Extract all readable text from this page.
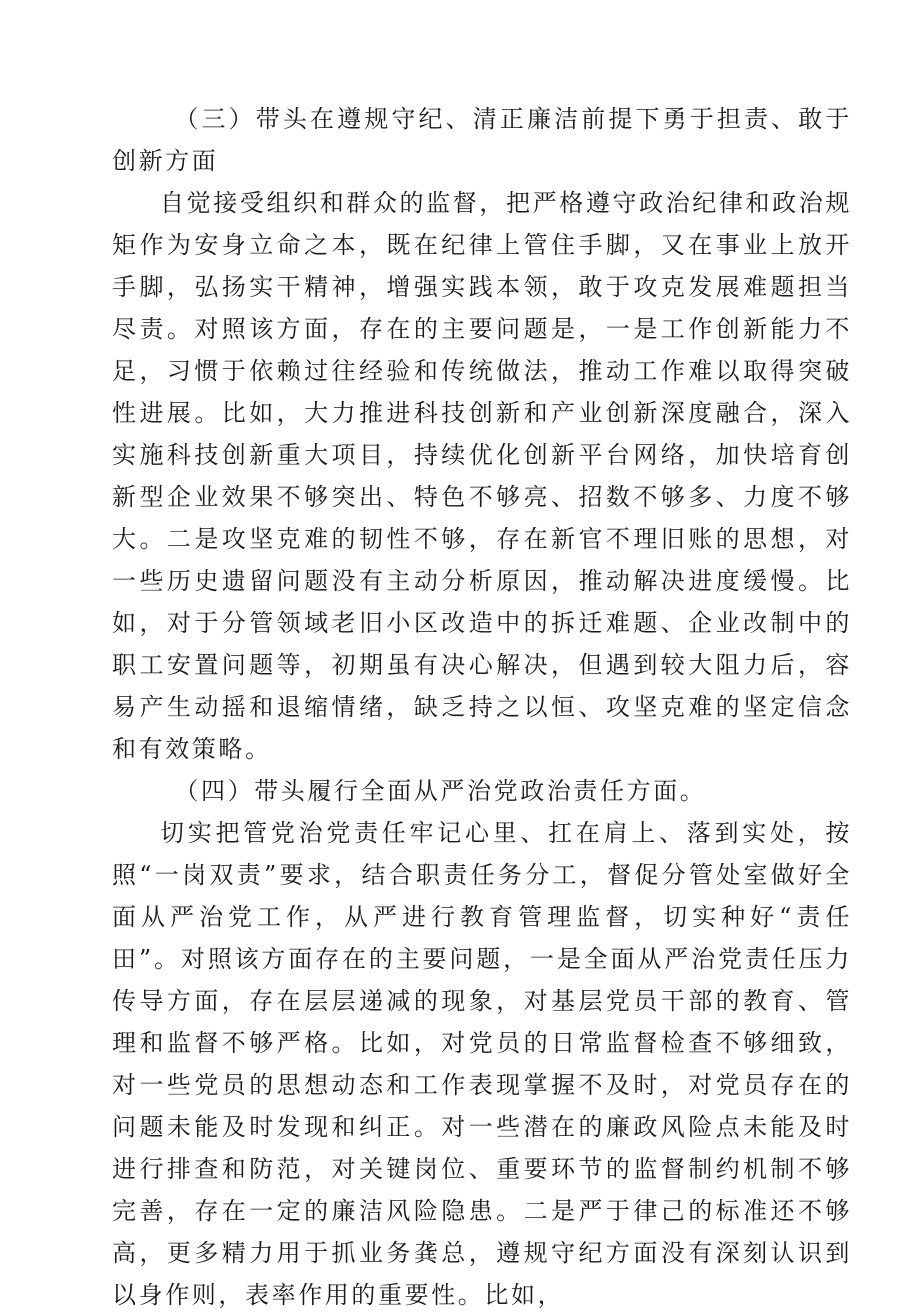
（三）带头在遵规守纪、清正廉洁前提下勇于担责、敢于创新方面

自觉接受组织和群众的监督，把严格遵守政治纪律和政治规矩作为安身立命之本，既在纪律上管住手脚，又在事业上放开手脚，弘扬实干精神，增强实践本领，敢于攻克发展难题担当尽责。对照该方面，存在的主要问题是，一是工作创新能力不足，习惯于依赖过往经验和传统做法，推动工作难以取得突破性进展。比如，大力推进科技创新和产业创新深度融合，深入实施科技创新重大项目，持续优化创新平台网络，加快培育创新型企业效果不够突出、特色不够亮、招数不够多、力度不够大。二是攻坚克难的韧性不够，存在新官不理旧账的思想，对一些历史遗留问题没有主动分析原因，推动解决进度缓慢。比如，对于分管领域老旧小区改造中的拆迁难题、企业改制中的职工安置问题等，初期虽有决心解决，但遇到较大阻力后，容易产生动摇和退缩情绪，缺乏持之以恒、攻坚克难的坚定信念和有效策略。

（四）带头履行全面从严治党政治责任方面。

切实把管党治党责任牢记心里、扛在肩上、落到实处，按照“一岗双责”要求，结合职责任务分工，督促分管处室做好全面从严治党工作，从严进行教育管理监督，切实种好“责任田”。对照该方面存在的主要问题，一是全面从严治党责任压力传导方面，存在层层递减的现象，对基层党员干部的教育、管理和监督不够严格。比如，对党员的日常监督检查不够细致，对一些党员的思想动态和工作表现掌握不及时，对党员存在的问题未能及时发现和纠正。对一些潜在的廉政风险点未能及时进行排查和防范，对关键岗位、重要环节的监督制约机制不够完善，存在一定的廉洁风险隐患。二是严于律己的标准还不够高，更多精力用于抓业务龚总，遵规守纪方面没有深刻认识到以身作则，表率作用的重要性。比如，
